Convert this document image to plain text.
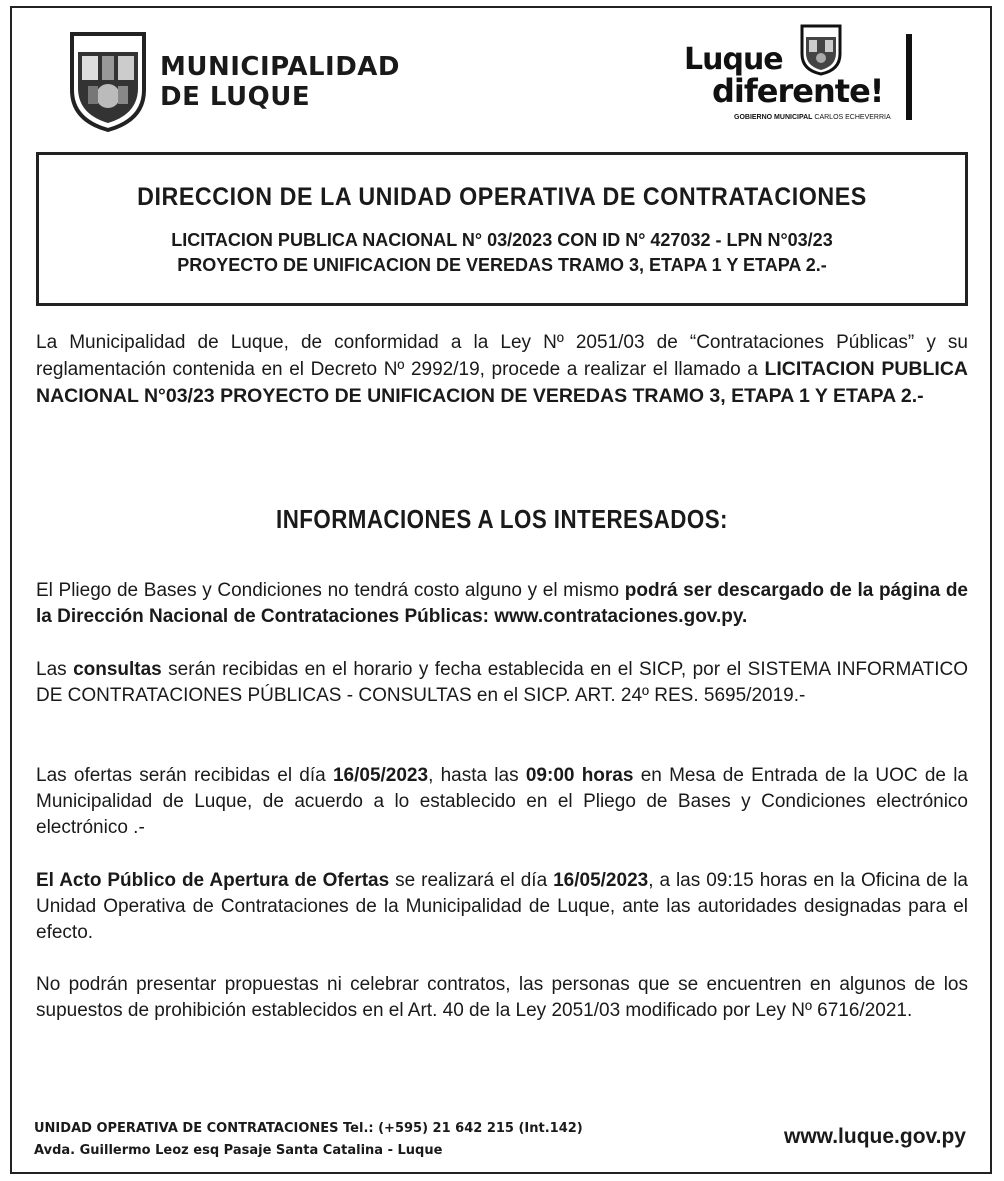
MUNICIPALIDAD
DE LUQUE
Luque
diferente!
GOBIERNO MUNICIPAL CARLOS ECHEVERRIA
DIRECCION DE LA UNIDAD OPERATIVA DE CONTRATACIONES
LICITACION PUBLICA NACIONAL N° 03/2023 CON ID N° 427032 - LPN N°03/23
PROYECTO DE UNIFICACION DE VEREDAS TRAMO 3, ETAPA 1 Y ETAPA 2.-
La Municipalidad de Luque, de conformidad a la Ley Nº 2051/03 de “Contrataciones Públicas” y su reglamentación contenida en el Decreto Nº 2992/19, procede a realizar el llamado a LICITACION PUBLICA NACIONAL N°03/23 PROYECTO DE UNIFICACION DE VEREDAS TRAMO 3, ETAPA 1 Y ETAPA 2.-
INFORMACIONES A LOS INTERESADOS:
El Pliego de Bases y Condiciones no tendrá costo alguno y el mismo podrá ser descargado de la página de la Dirección Nacional de Contrataciones Públicas: www.contrataciones.gov.py.
Las consultas serán recibidas en el horario y fecha establecida en el SICP, por el SISTEMA INFORMATICO DE CONTRATACIONES PÚBLICAS - CONSULTAS en el SICP. ART. 24º RES. 5695/2019.-
Las ofertas serán recibidas el día 16/05/2023, hasta las 09:00 horas en Mesa de Entrada de la UOC de la Municipalidad de Luque, de acuerdo a lo establecido en el Pliego de Bases y Condiciones electrónico electrónico .-
El Acto Público de Apertura de Ofertas se realizará el día 16/05/2023, a las 09:15 horas en la Oficina de la Unidad Operativa de Contrataciones de la Municipalidad de Luque, ante las autoridades designadas para el efecto.
No podrán presentar propuestas ni celebrar contratos, las personas que se encuentren en algunos de los supuestos de prohibición establecidos en el Art. 40 de la Ley 2051/03 modificado por Ley Nº 6716/2021.
UNIDAD OPERATIVA DE CONTRATACIONES Tel.: (+595) 21 642 215 (Int.142)
Avda. Guillermo Leoz esq Pasaje Santa Catalina - Luque
www.luque.gov.py
